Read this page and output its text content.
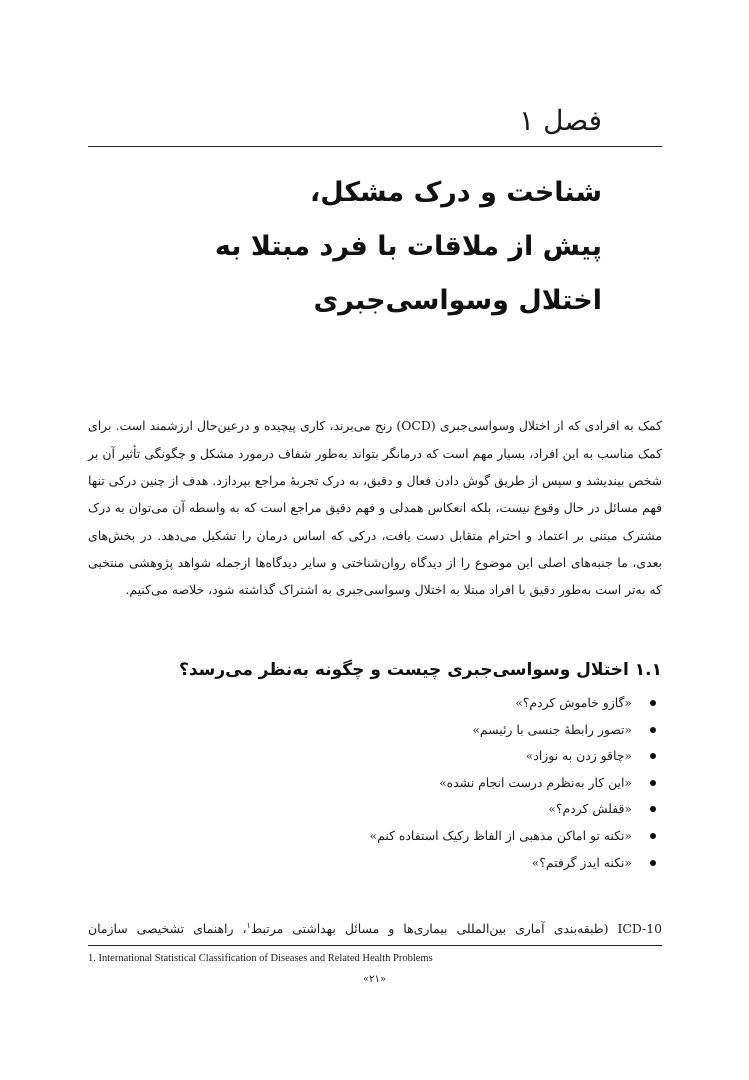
فصل ۱
شناخت و درک مشکل،
پیش از ملاقات با فرد مبتلا به
اختلال وسواسی‌جبری

کمک به افرادی که از اختلال وسواسی‌جبری (OCD) رنج می‌برند، کاری پیچیده و درعین‌حال ارزشمند است. برای کمک مناسب به این افراد، بسیار مهم است که درمانگر بتواند به‌طور شفاف درمورد مشکل و چگونگی تأثیر آن بر شخص بیندیشد و سپس از طریق گوش دادن فعال و دقیق، به درک تجربهٔ مراجع بپردازد. هدف از چنین درکی تنها فهم مسائل در حال وقوع نیست، بلکه انعکاس همدلی و فهم دقیق مراجع است که به واسطه آن می‌توان به درک مشترک مبتنی بر اعتماد و احترام متقابل دست یافت، درکی که اساس درمان را تشکیل می‌دهد. در بخش‌های بعدی، ما جنبه‌های اصلی این موضوع را از دیدگاه روان‌شناختی و سایر دیدگاه‌ها ازجمله شواهد پژوهشی منتخبی که به‌تر است به‌طور دقیق با افراد مبتلا به اختلال وسواسی‌جبری به اشتراک گذاشته شود، خلاصه می‌کنیم.

۱.۱ اختلال وسواسی‌جبری چیست و چگونه به‌نظر می‌رسد؟
«گازو خاموش کردم؟»
«تصور رابطهٔ جنسی با رئیسم»
«چاقو زدن به نوزاد»
«این کار به‌نظرم درست انجام نشده»
«قفلش کردم؟»
«نکنه تو اماکن مذهبی از الفاظ رکیک استفاده کنم»
«نکنه ایدز گرفتم؟»

ICD-10 (طبقه‌بندی آماری بین‌المللی بیماری‌ها و مسائل بهداشتی مرتبط$^۱$، راهنمای تشخیصی سازمان

1. International Statistical Classification of Diseases and Related Health Problems
«۲۱»
